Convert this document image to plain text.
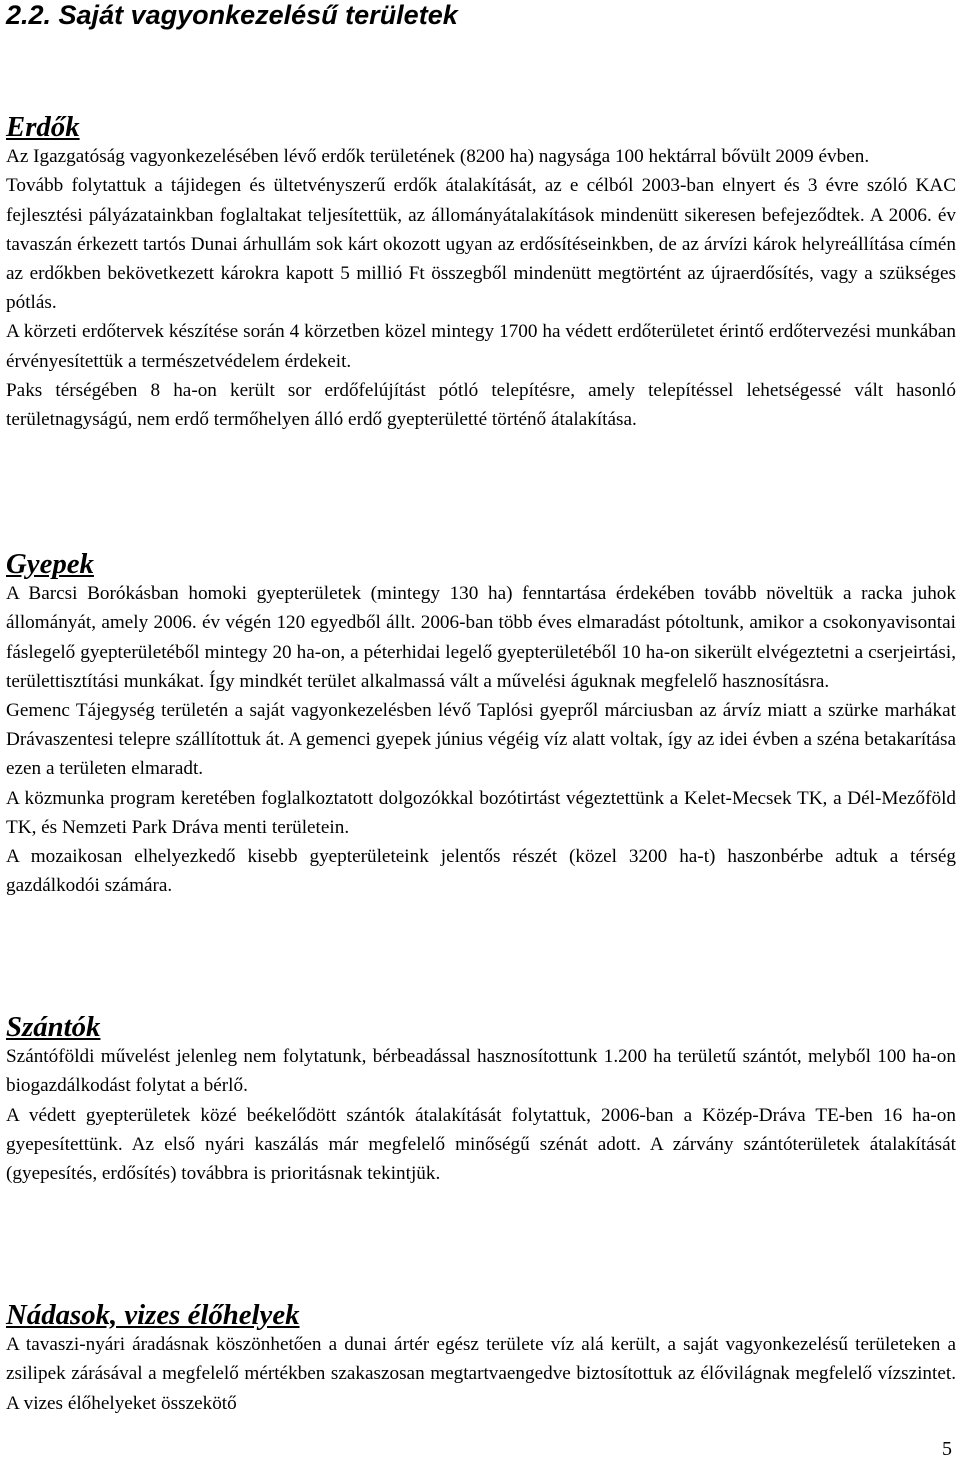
2.2. Saját vagyonkezelésű területek
Erdők

Az Igazgatóság vagyonkezelésében lévő erdők területének (8200 ha) nagysága 100 hektárral bővült 2009 évben.

Tovább folytattuk a tájidegen és ültetvényszerű erdők átalakítását, az e célból 2003-ban elnyert és 3 évre szóló KAC fejlesztési pályázatainkban foglaltakat teljesítettük, az állományátalakítások mindenütt sikeresen befejeződtek. A 2006. év tavaszán érkezett tartós Dunai árhullám sok kárt okozott ugyan az erdősítéseinkben, de az árvízi károk helyreállítása címén az erdőkben bekövetkezett károkra kapott 5 millió Ft összegből mindenütt megtörtént az újraerdősítés, vagy a szükséges pótlás.

A körzeti erdőtervek készítése során 4 körzetben közel mintegy 1700 ha védett erdőterületet érintő erdőtervezési munkában érvényesítettük a természetvédelem érdekeit.

Paks térségében 8 ha-on került sor erdőfelújítást pótló telepítésre, amely telepítéssel lehetségessé vált hasonló területnagyságú, nem erdő termőhelyen álló erdő gyepterületté történő átalakítása.

Gyepek

A Barcsi Borókásban homoki gyepterületek (mintegy 130 ha) fenntartása érdekében tovább növeltük a racka juhok állományát, amely 2006. év végén 120 egyedből állt. 2006-ban több éves elmaradást pótoltunk, amikor a csokonyavisontai fáslegelő gyepterületéből mintegy 20 ha-on, a péterhidai legelő gyepterületéből 10 ha-on sikerült elvégeztetni a cserjeirtási, területtisztítási munkákat. Így mindkét terület alkalmassá vált a művelési águknak megfelelő hasznosításra.

Gemenc Tájegység területén a saját vagyonkezelésben lévő Taplósi gyepről márciusban az árvíz miatt a szürke marhákat Drávaszentesi telepre szállítottuk át. A gemenci gyepek június végéig víz alatt voltak, így az idei évben a széna betakarítása ezen a területen elmaradt.

A közmunka program keretében foglalkoztatott dolgozókkal bozótirtást végeztettünk a Kelet-Mecsek TK, a Dél-Mezőföld TK, és Nemzeti Park Dráva menti területein.

A mozaikosan elhelyezkedő kisebb gyepterületeink jelentős részét (közel 3200 ha-t) haszonbérbe adtuk a térség gazdálkodói számára.

Szántók

Szántóföldi művelést jelenleg nem folytatunk, bérbeadással hasznosítottunk 1.200 ha területű szántót, melyből 100 ha-on biogazdálkodást folytat a bérlő.

A védett gyepterületek közé beékelődött szántók átalakítását folytattuk, 2006-ban a Közép-Dráva TE-ben 16 ha-on gyepesítettünk. Az első nyári kaszálás már megfelelő minőségű szénát adott. A zárvány szántóterületek átalakítását (gyepesítés, erdősítés) továbbra is prioritásnak tekintjük.

Nádasok, vizes élőhelyek

A tavaszi-nyári áradásnak köszönhetően a dunai ártér egész területe víz alá került, a saját vagyonkezelésű területeken a zsilipek zárásával a megfelelő mértékben szakaszosan megtartvaengedve biztosítottuk az élővilágnak megfelelő vízszintet. A vizes élőhelyeket összekötő

5
